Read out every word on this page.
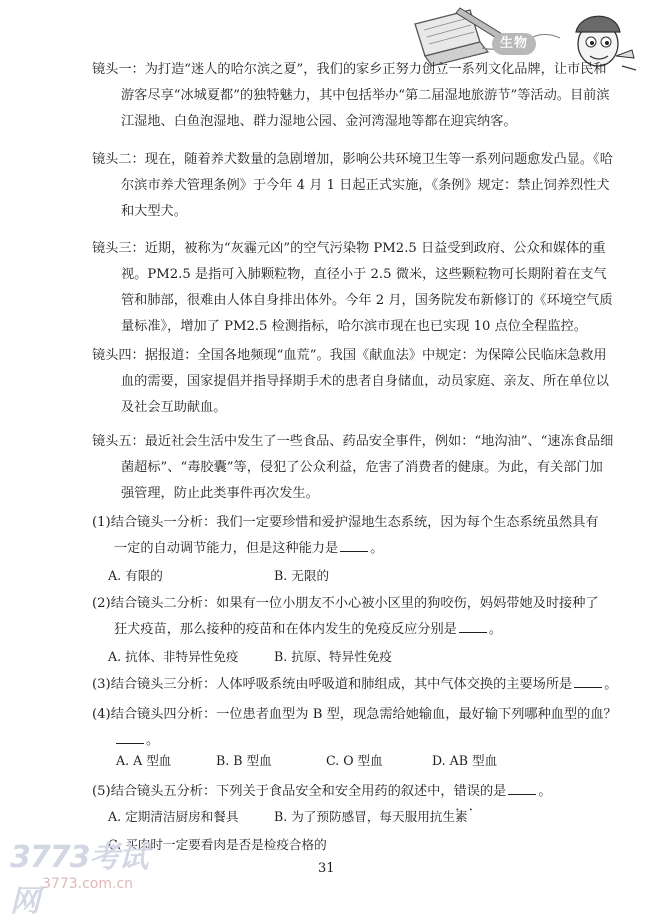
生物

镜头一：为打造“迷人的哈尔滨之夏”，我们的家乡正努力创立一系列文化品牌，让市民和游客尽享“冰城夏都”的独特魅力，其中包括举办“第二届湿地旅游节”等活动。目前滨江湿地、白鱼泡湿地、群力湿地公园、金河湾湿地等都在迎宾纳客。

镜头二：现在，随着养犬数量的急剧增加，影响公共环境卫生等一系列问题愈发凸显。《哈尔滨市养犬管理条例》于今年 4 月 1 日起正式实施，《条例》规定：禁止饲养烈性犬和大型犬。

镜头三：近期，被称为“灰霾元凶”的空气污染物 PM2.5 日益受到政府、公众和媒体的重视。PM2.5 是指可入肺颗粒物，直径小于 2.5 微米，这些颗粒物可长期附着在支气管和肺部，很难由人体自身排出体外。今年 2 月，国务院发布新修订的《环境空气质量标准》，增加了 PM2.5 检测指标，哈尔滨市现在也已实现 10 点位全程监控。

镜头四：据报道：全国各地频现“血荒”。我国《献血法》中规定：为保障公民临床急救用血的需要，国家提倡并指导择期手术的患者自身储血，动员家庭、亲友、所在单位以及社会互助献血。

镜头五：最近社会生活中发生了一些食品、药品安全事件，例如：“地沟油”、“速冻食品细菌超标”、“毒胶囊”等，侵犯了公众利益，危害了消费者的健康。为此，有关部门加强管理，防止此类事件再次发生。

(1)结合镜头一分析：我们一定要珍惜和爱护湿地生态系统，因为每个生态系统虽然具有

一定的自动调节能力，但是这种能力是 。

A. 有限的	B. 无限的

(2)结合镜头二分析：如果有一位小朋友不小心被小区里的狗咬伤，妈妈带她及时接种了

狂犬疫苗，那么接种的疫苗和在体内发生的免疫反应分别是 。

A. 抗体、非特异性免疫	B. 抗原、特异性免疫

(3)结合镜头三分析：人体呼吸系统由呼吸道和肺组成，其中气体交换的主要场所是 。

(4)结合镜头四分析：一位患者血型为 B 型，现急需给她输血，最好输下列哪种血型的血？

。

A. A 型血	B. B 型血	C. O 型血	D. AB 型血

(5)结合镜头五分析：下列关于食品安全和安全用药的叙述中，错误 • •的是 。

A. 定期清洁厨房和餐具	B. 为了预防感冒，每天服用抗生素
C. 买肉时一定要看肉是否是检疫合格的
31
3773考试网 3773.com.cn
